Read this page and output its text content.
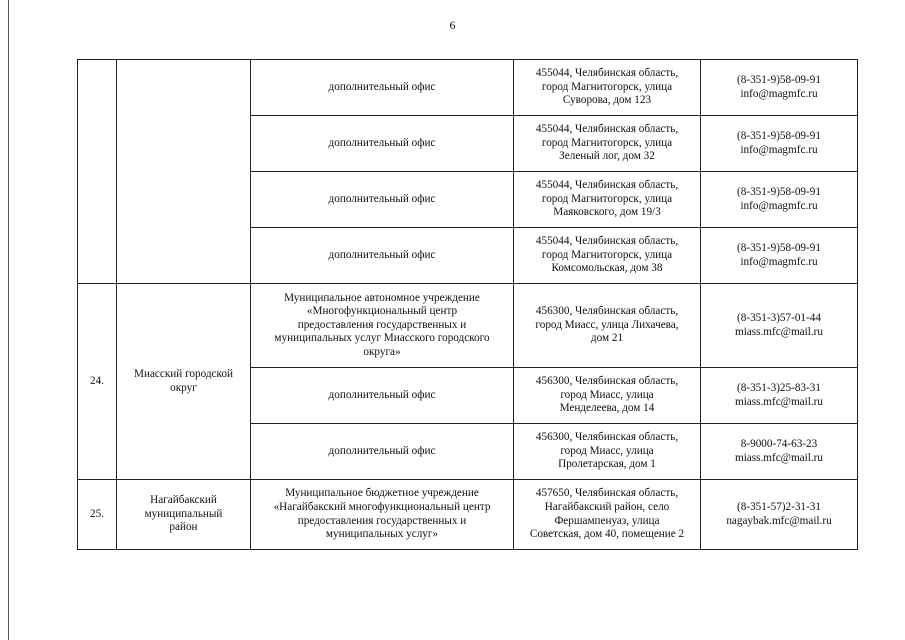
6

		дополнительный офис	455044, Челябинская область,
город Магнитогорск, улица
Суворова, дом 123	(8-351-9)58-09-91
info@magmfc.ru

		дополнительный офис	455044, Челябинская область,
город Магнитогорск, улица
Зеленый лог, дом 32	(8-351-9)58-09-91
info@magmfc.ru

		дополнительный офис	455044, Челябинская область,
город Магнитогорск, улица
Маяковского, дом 19/3	(8-351-9)58-09-91
info@magmfc.ru

		дополнительный офис	455044, Челябинская область,
город Магнитогорск, улица
Комсомольская, дом 38	(8-351-9)58-09-91
info@magmfc.ru

24.	Миасский городской
округ	Муниципальное автономное учреждение
«Многофункциональный центр
предоставления государственных и
муниципальных услуг Миасского городского
округа»	456300, Челябинская область,
город Миасс, улица Лихачева,
дом 21	(8-351-3)57-01-44
miass.mfc@mail.ru

		дополнительный офис	456300, Челябинская область,
город Миасс, улица
Менделеева, дом 14	(8-351-3)25-83-31
miass.mfc@mail.ru

		дополнительный офис	456300, Челябинская область,
город Миасс, улица
Пролетарская, дом 1	8-9000-74-63-23
miass.mfc@mail.ru

25.	Нагайбакский
муниципальный
район	Муниципальное бюджетное учреждение
«Нагайбакский многофункциональный центр
предоставления государственных и
муниципальных услуг»	457650, Челябинская область,
Нагайбакский район, село
Фершампенуаз, улица
Советская, дом 40, помещение 2	(8-351-57)2-31-31
nagaybak.mfc@mail.ru
